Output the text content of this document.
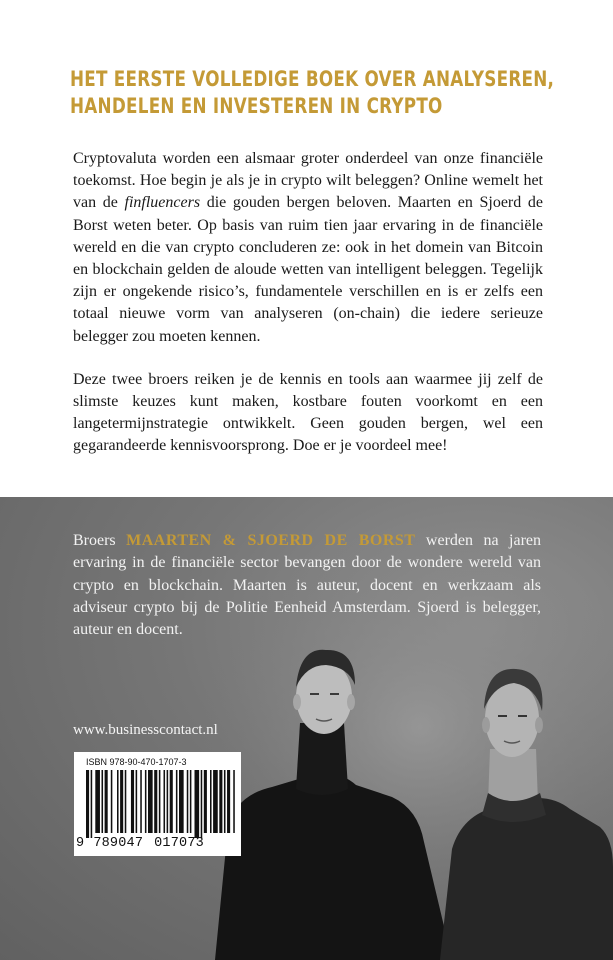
HET EERSTE VOLLEDIGE BOEK OVER ANALYSEREN,
HANDELEN EN INVESTEREN IN CRYPTO

Cryptovaluta worden een alsmaar groter onderdeel van onze financiële toekomst. Hoe begin je als je in crypto wilt beleggen? Online wemelt het van de finfluencers die gouden bergen beloven. Maarten en Sjoerd de Borst weten beter. Op basis van ruim tien jaar ervaring in de financiële wereld en die van crypto concluderen ze: ook in het domein van Bitcoin en blockchain gelden de aloude wetten van intelligent beleggen. Tegelijk zijn er ongekende risico’s, fundamentele verschillen en is er zelfs een totaal nieuwe vorm van analyseren (on-chain) die iedere serieuze belegger zou moeten kennen.

Deze twee broers reiken je de kennis en tools aan waarmee jij zelf de slimste keuzes kunt maken, kostbare fouten voorkomt en een langetermijnstrategie ontwikkelt. Geen gouden bergen, wel een gegarandeerde kennisvoorsprong. Doe er je voordeel mee!

Broers MAARTEN & SJOERD DE BORST werden na jaren ervaring in de financiële sector bevangen door de wondere wereld van crypto en blockchain. Maarten is auteur, docent en werkzaam als adviseur crypto bij de Politie Eenheid Amsterdam. Sjoerd is belegger, auteur en docent.
www.businesscontact.nl
ISBN 978-90-470-1707-3
9 789047 017073
